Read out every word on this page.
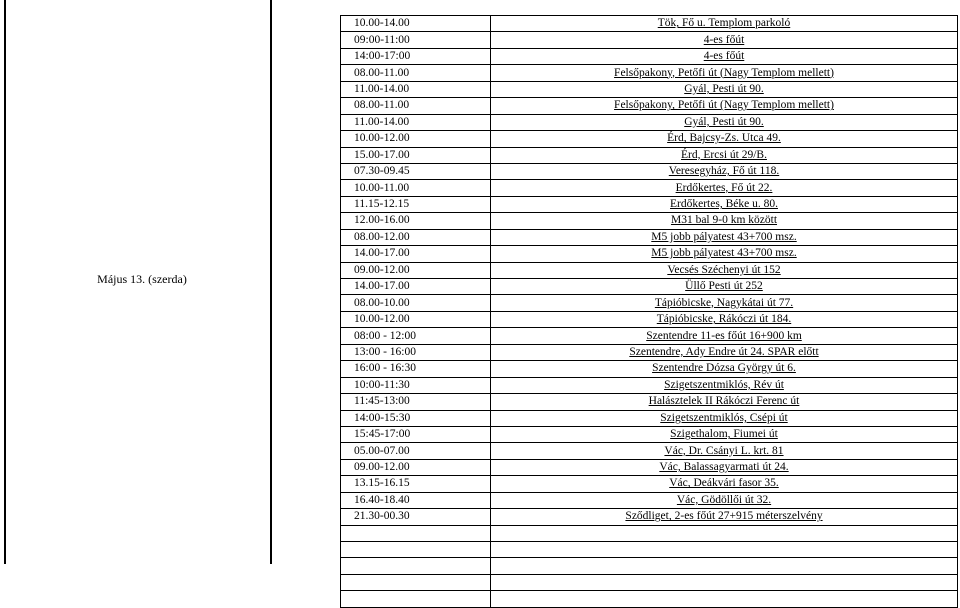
Május 13. (szerda)
10.00-14.00	Tök, Fő u. Templom parkoló
09:00-11:00	4-es főút
14:00-17:00	4-es főút
08.00-11.00	Felsőpakony, Petőfi út (Nagy Templom mellett)
11.00-14.00	Gyál, Pesti út 90.
08.00-11.00	Felsőpakony, Petőfi út (Nagy Templom mellett)
11.00-14.00	Gyál, Pesti út 90.
10.00-12.00	Érd, Bajcsy-Zs. Utca 49.
15.00-17.00	Érd, Ercsi út 29/B.
07.30-09.45	Veresegyház, Fő út 118.
10.00-11.00	Erdőkertes, Fő út 22.
11.15-12.15	Erdőkertes, Béke u. 80.
12.00-16.00	M31 bal 9-0 km között
08.00-12.00	M5 jobb pályatest 43+700 msz.
14.00-17.00	M5 jobb pályatest 43+700 msz.
09.00-12.00	Vecsés Széchenyi út 152
14.00-17.00	Üllő Pesti út 252
08.00-10.00	Tápióbicske, Nagykátai út 77.
10.00-12.00	Tápióbicske, Rákóczi út 184.
08:00 - 12:00	Szentendre 11-es főút 16+900 km
13:00 - 16:00	Szentendre, Ady Endre út 24. SPAR előtt
16:00 - 16:30	Szentendre Dózsa György út 6.
10:00-11:30	Szigetszentmiklós, Rév út
11:45-13:00	Halásztelek II Rákóczi Ferenc út
14:00-15:30	Szigetszentmiklós, Csépi út
15:45-17:00	Szigethalom, Fiumei út
05.00-07.00	Vác, Dr. Csányi L. krt. 81
09.00-12.00	Vác, Balassagyarmati út 24.
13.15-16.15	Vác, Deákvári fasor 35.
16.40-18.40	Vác, Gödöllői út 32.
21.30-00.30	Sződliget, 2-es főút 27+915 méterszelvény
